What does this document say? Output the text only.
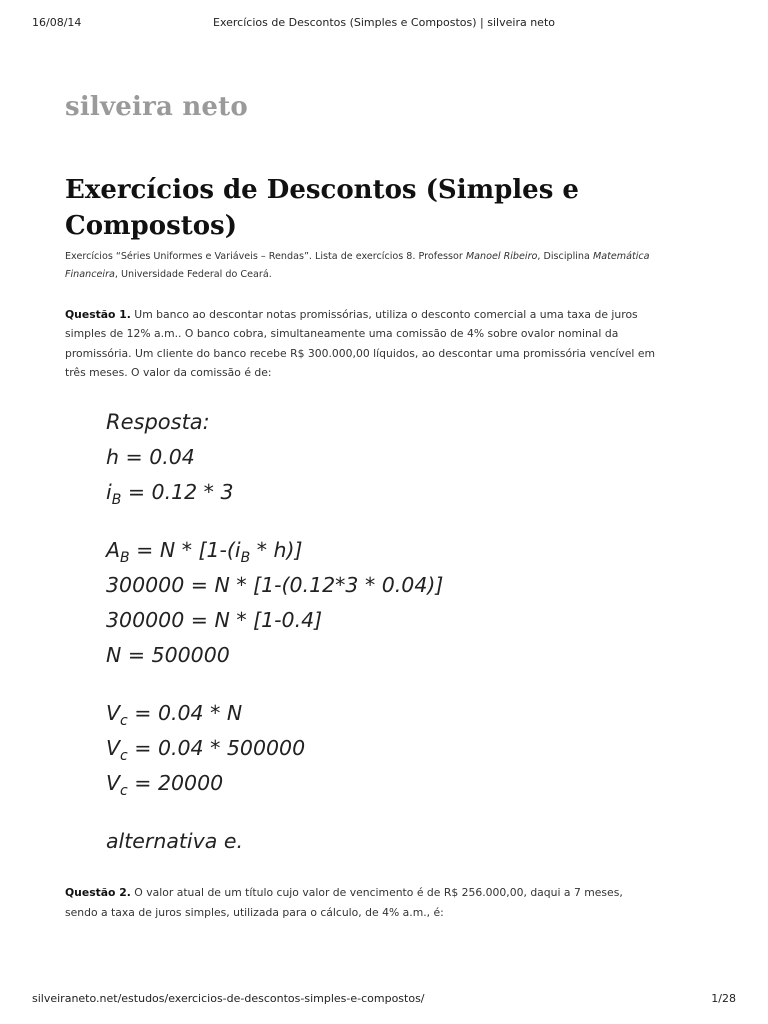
16/08/14	Exercícios de Descontos (Simples e Compostos) | silveira neto
silveira neto
Exercícios de Descontos (Simples e Compostos)
Exercícios “Séries Uniformes e Variáveis – Rendas”. Lista de exercícios 8. Professor Manoel Ribeiro, Disciplina Matemática Financeira, Universidade Federal do Ceará.

Questão 1. Um banco ao descontar notas promissórias, utiliza o desconto comercial a uma taxa de juros simples de 12% a.m.. O banco cobra, simultaneamente uma comissão de 4% sobre ovalor nominal da promissória. Um cliente do banco recebe R$ 300.000,00 líquidos, ao descontar uma promissória vencível em três meses. O valor da comissão é de:

Resposta:
h = 0.04
$i_B = 0.12 * 3$
$A_B = N * [1-(i_B * h)]$
300000 = N * [1-(0.12*3 * 0.04)]
300000 = N * [1-0.4]
N = 500000
$V_c = 0.04 * N$
$V_c = 0.04 * 500000$
$V_c = 20000$
alternativa e.

Questão 2. O valor atual de um título cujo valor de vencimento é de R$ 256.000,00, daqui a 7 meses, sendo a taxa de juros simples, utilizada para o cálculo, de 4% a.m., é:

silveiraneto.net/estudos/exercicios-de-descontos-simples-e-compostos/	1/28
